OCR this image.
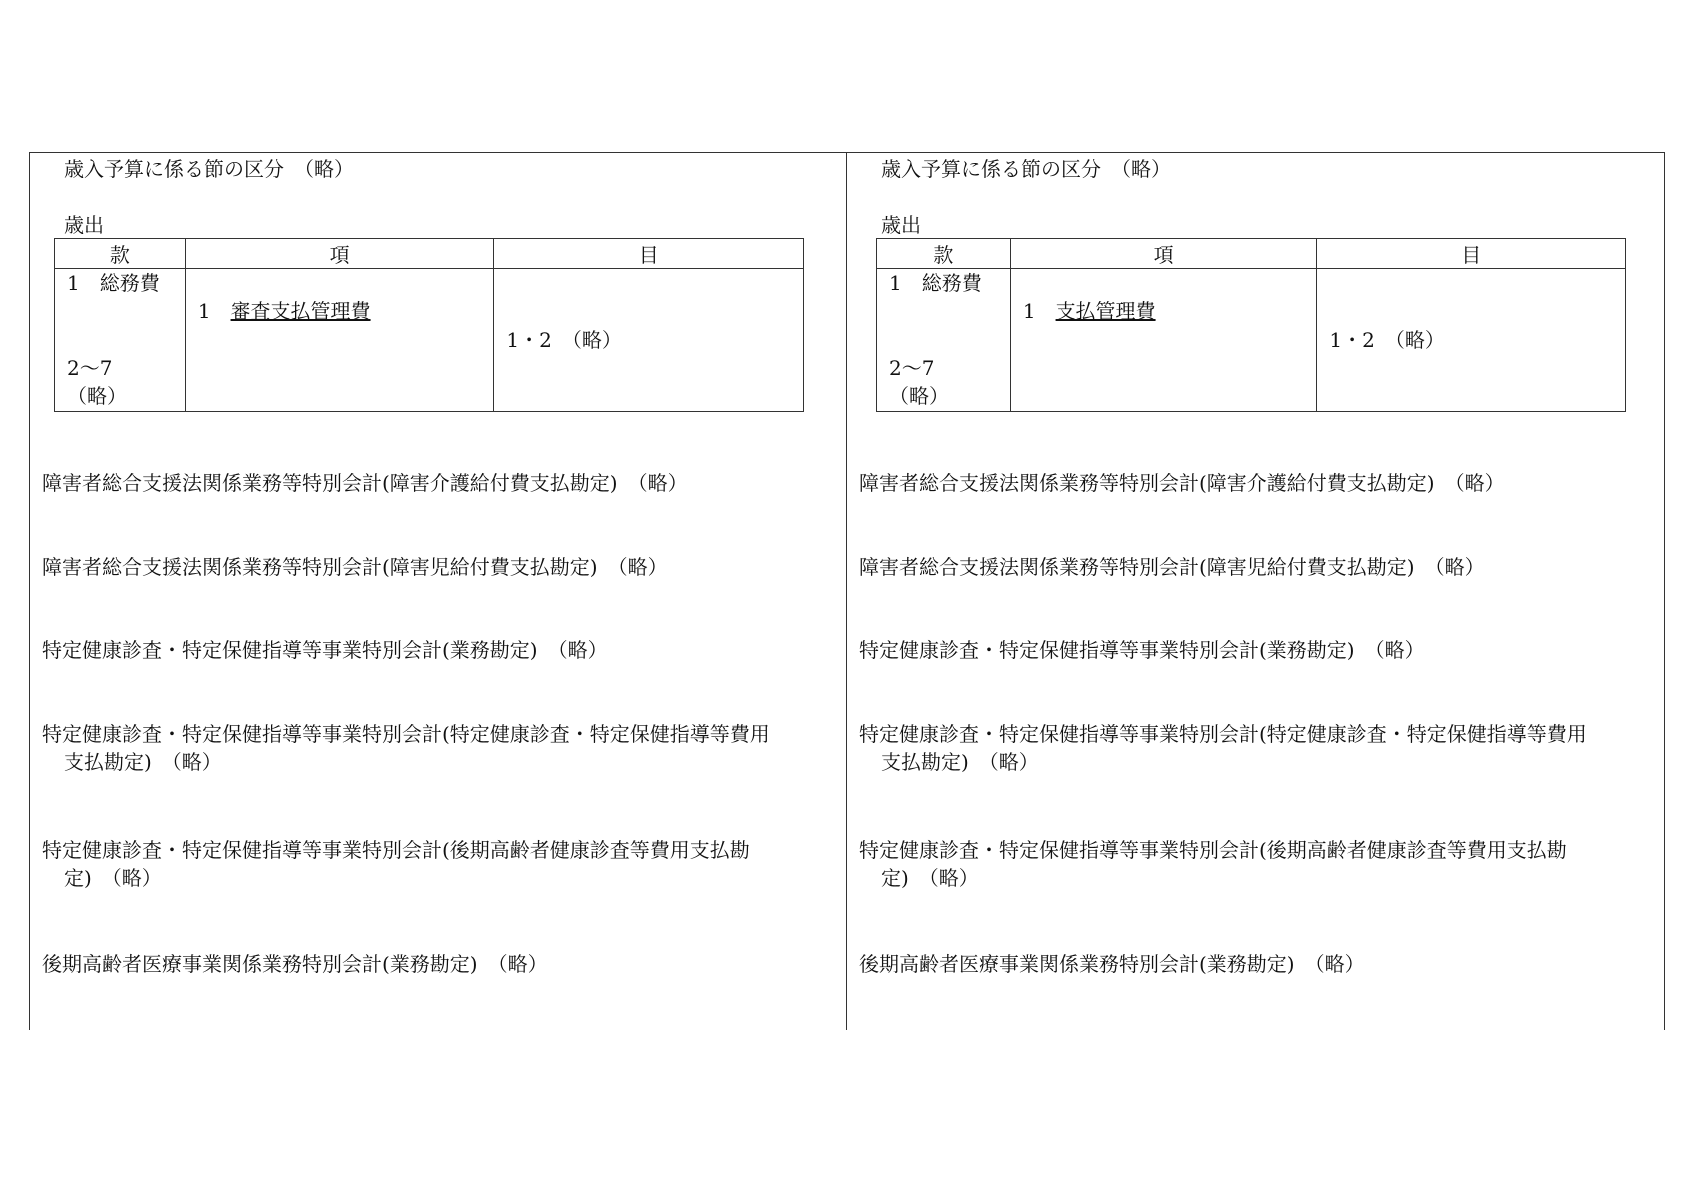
歳入予算に係る節の区分　（略）
歳出
款	項	目

1　総務費
2〜7
（略）	1　審査支払管理費	1・2　（略）
障害者総合支援法関係業務等特別会計(障害介護給付費支払勘定)　（略）
障害者総合支援法関係業務等特別会計(障害児給付費支払勘定)　（略）
特定健康診査・特定保健指導等事業特別会計(業務勘定)　（略）
特定健康診査・特定保健指導等事業特別会計(特定健康診査・特定保健指導等費用
支払勘定)　（略）
特定健康診査・特定保健指導等事業特別会計(後期高齢者健康診査等費用支払勘
定)　（略）
後期高齢者医療事業関係業務特別会計(業務勘定)　（略）
歳入予算に係る節の区分　（略）
歳出
款	項	目

1　総務費
2〜7
（略）	1　支払管理費	1・2　（略）
障害者総合支援法関係業務等特別会計(障害介護給付費支払勘定)　（略）
障害者総合支援法関係業務等特別会計(障害児給付費支払勘定)　（略）
特定健康診査・特定保健指導等事業特別会計(業務勘定)　（略）
特定健康診査・特定保健指導等事業特別会計(特定健康診査・特定保健指導等費用
支払勘定)　（略）
特定健康診査・特定保健指導等事業特別会計(後期高齢者健康診査等費用支払勘
定)　（略）
後期高齢者医療事業関係業務特別会計(業務勘定)　（略）
